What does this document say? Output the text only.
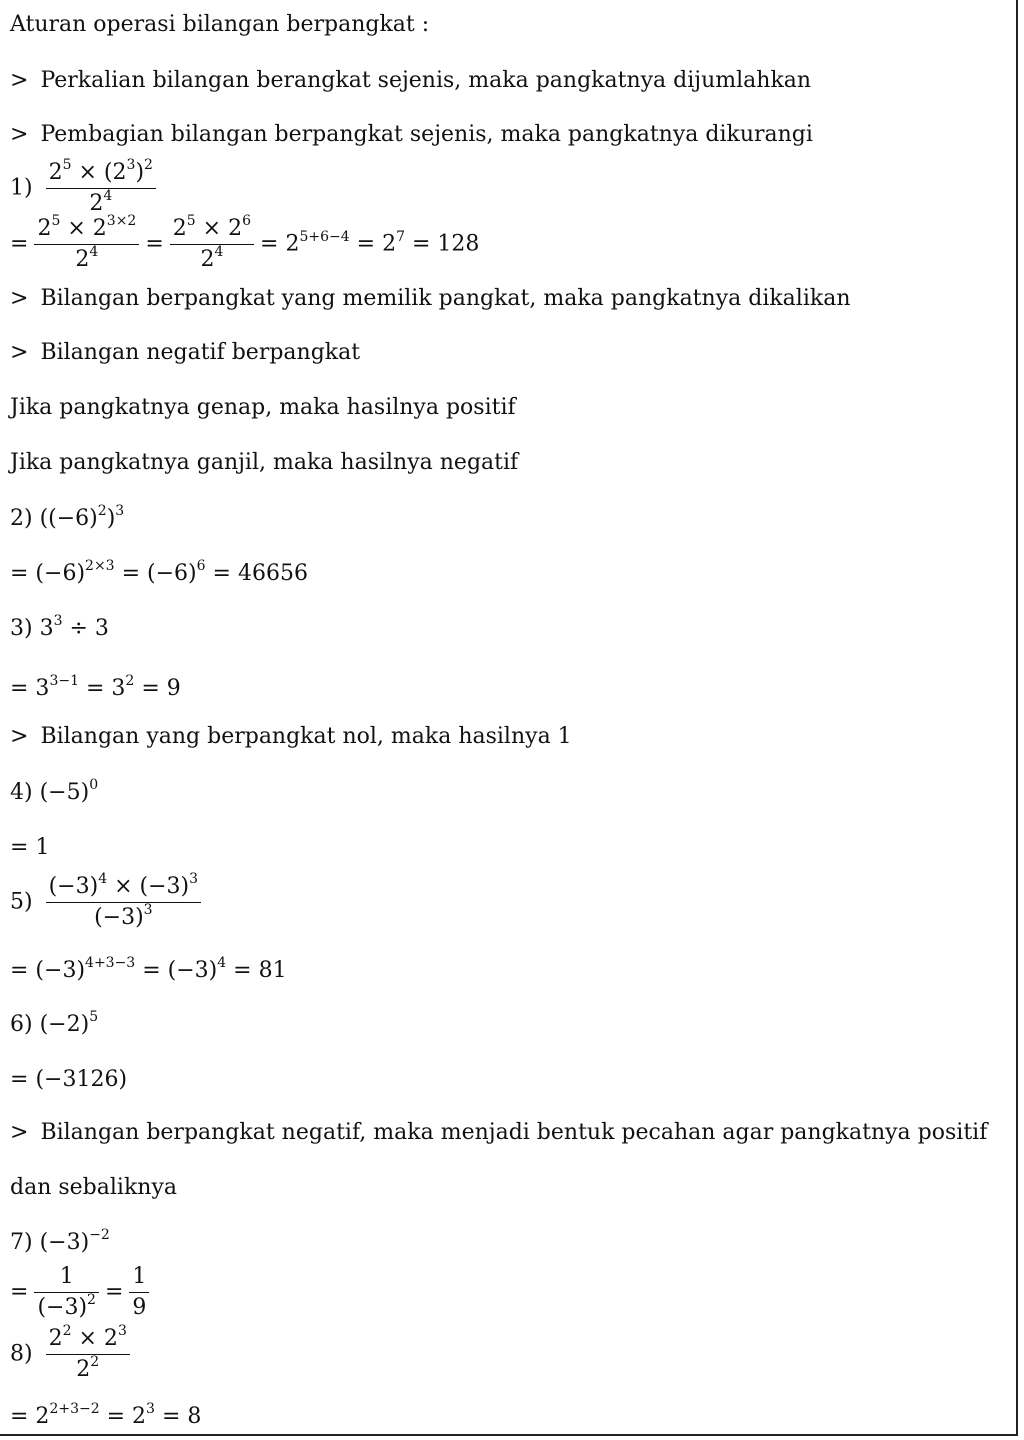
Aturan operasi bilangan berpangkat :
> Perkalian bilangan berangkat sejenis, maka pangkatnya dijumlahkan
> Pembagian bilangan berpangkat sejenis, maka pangkatnya dikurangi
$1) \frac{2^5 \times (2^3)^2}{2^4}$
= $\frac{2^5 \times 2^{3\times 2}}{2^4} = \frac{2^5 \times 2^6}{2^4} = 2^{5+6-4} = 2^7 = 128$
> Bilangan berpangkat yang memilik pangkat, maka pangkatnya dikalikan
> Bilangan negatif berpangkat
Jika pangkatnya genap, maka hasilnya positif
Jika pangkatnya ganjil, maka hasilnya negatif
2) $((-6)^2)^3$
= $(-6)^{2\times 3} = (-6)^6 = 46656$
3) $3^3 \div 3$
= $3^{3-1} = 3^2 = 9$
> Bilangan yang berpangkat nol, maka hasilnya 1
4) $(-5)^0$
= 1
$5) \frac{(-3)^4 \times (-3)^3}{(-3)^3}$
= $(-3)^{4+3-3} = (-3)^4 = 81$
6) $(-2)^5$
= (−3126)
> Bilangan berpangkat negatif, maka menjadi bentuk pecahan agar pangkatnya positif
dan sebaliknya
7) $(-3)^{-2}$
= $\frac{1}{(-3)^2} = \frac{1}{9}$
$8) \frac{2^2 \times 2^3}{2^2}$
= $2^{2+3-2} = 2^3 = 8$
